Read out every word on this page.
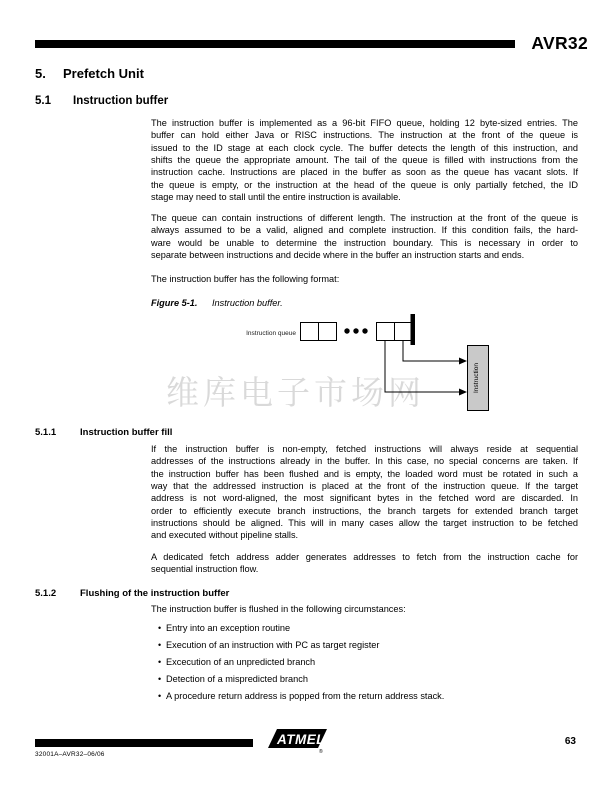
AVR32
5. Prefetch Unit
5.1 Instruction buffer
The instruction buffer is implemented as a 96-bit FIFO queue, holding 12 byte-sized entries. The
buffer can hold either Java or RISC instructions. The instruction at the front of the queue is
issued to the ID stage at each clock cycle. The buffer detects the length of this instruction, and
shifts the queue the appropriate amount. The tail of the queue is filled with instructions from the
instruction cache. Instructions are placed in the buffer as soon as the queue has vacant slots. If
the queue is empty, or the instruction at the head of the queue is only partially fetched, the ID
stage may need to stall until the entire instruction is available.
The queue can contain instructions of different length. The instruction at the front of the queue is
always assumed to be a valid, aligned and complete instruction. If this condition fails, the hard-
ware would be unable to determine the instruction boundary. This is necessary in order to
separate between instructions and decide where in the buffer an instruction starts and ends.
The instruction buffer has the following format:
Figure 5-1. Instruction buffer.
维库电子市场网
Instruction queue
Instruction
5.1.1	Instruction buffer fill
If the instruction buffer is non-empty, fetched instructions will always reside at sequential
addresses of the instructions already in the buffer. In this case, no special concerns are taken. If
the instruction buffer has been flushed and is empty, the loaded word must be rotated in such a
way that the addressed instruction is placed at the front of the instruction queue. If the target
address is not word-aligned, the most significant bytes in the fetched word are discarded. In
order to efficiently execute branch instructions, the branch targets for extended branch target
instructions should be aligned. This will in many cases allow the target instruction to be fetched
and executed without pipeline stalls.
A dedicated fetch address adder generates addresses to fetch from the instruction cache for
sequential instruction flow.
5.1.2	Flushing of the instruction buffer
The instruction buffer is flushed in the following circumstances:
• Entry into an exception routine
• Execution of an instruction with PC as target register
• Excecution of an unpredicted branch
• Detection of a mispredicted branch
• A procedure return address is popped from the return address stack.
ATMEL
®
32001A–AVR32–06/06
63
